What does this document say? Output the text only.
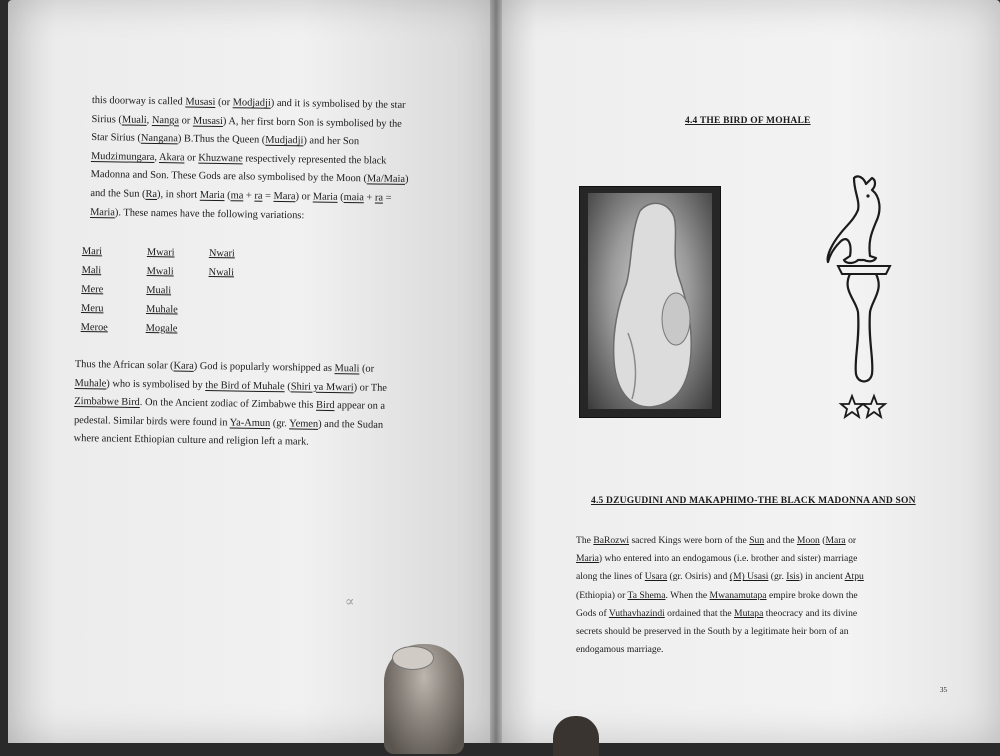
this doorway is called Musasi (or Modjadji) and it is symbolised by the star
Sirius (Muali, Nanga or Musasi) A, her first born Son is symbolised by the
Star Sirius (Nangana) B.Thus the Queen (Mudjadji) and her Son
Mudzimungara, Akara or Khuzwane respectively represented the black
Madonna and Son. These Gods are also symbolised by the Moon (Ma/Maia)
and the Sun (Ra), in short Maria (ma + ra = Mara) or Maria (maia + ra =
Maria). These names have the following variations:
Mari
Mali
Mere
Meru
Meroe
Mwari
Mwali
Muali
Muhale
Mogale
Nwari
Nwali
Thus the African solar (Kara) God is popularly worshipped as Muali (or
Muhale) who is symbolised by the Bird of Muhale (Shiri ya Mwari) or The
Zimbabwe Bird. On the Ancient zodiac of Zimbabwe this Bird appear on a
pedestal. Similar birds were found in Ya-Amun (gr. Yemen) and the Sudan
where ancient Ethiopian culture and religion left a mark.
∝
4.4 THE BIRD OF MOHALE
4.5 DZUGUDINI AND MAKAPHIMO-THE BLACK MADONNA AND SON
The BaRozwi sacred Kings were born of the Sun and the Moon (Mara or
Maria) who entered into an endogamous (i.e. brother and sister) marriage
along the lines of Usara (gr. Osiris) and (M) Usasi (gr. Isis) in ancient Atpu
(Ethiopia) or Ta Shema. When the Mwanamutapa empire broke down the
Gods of Vuthavhazindi ordained that the Mutapa theocracy and its divine
secrets should be preserved in the South by a legitimate heir born of an
endogamous marriage.
35
